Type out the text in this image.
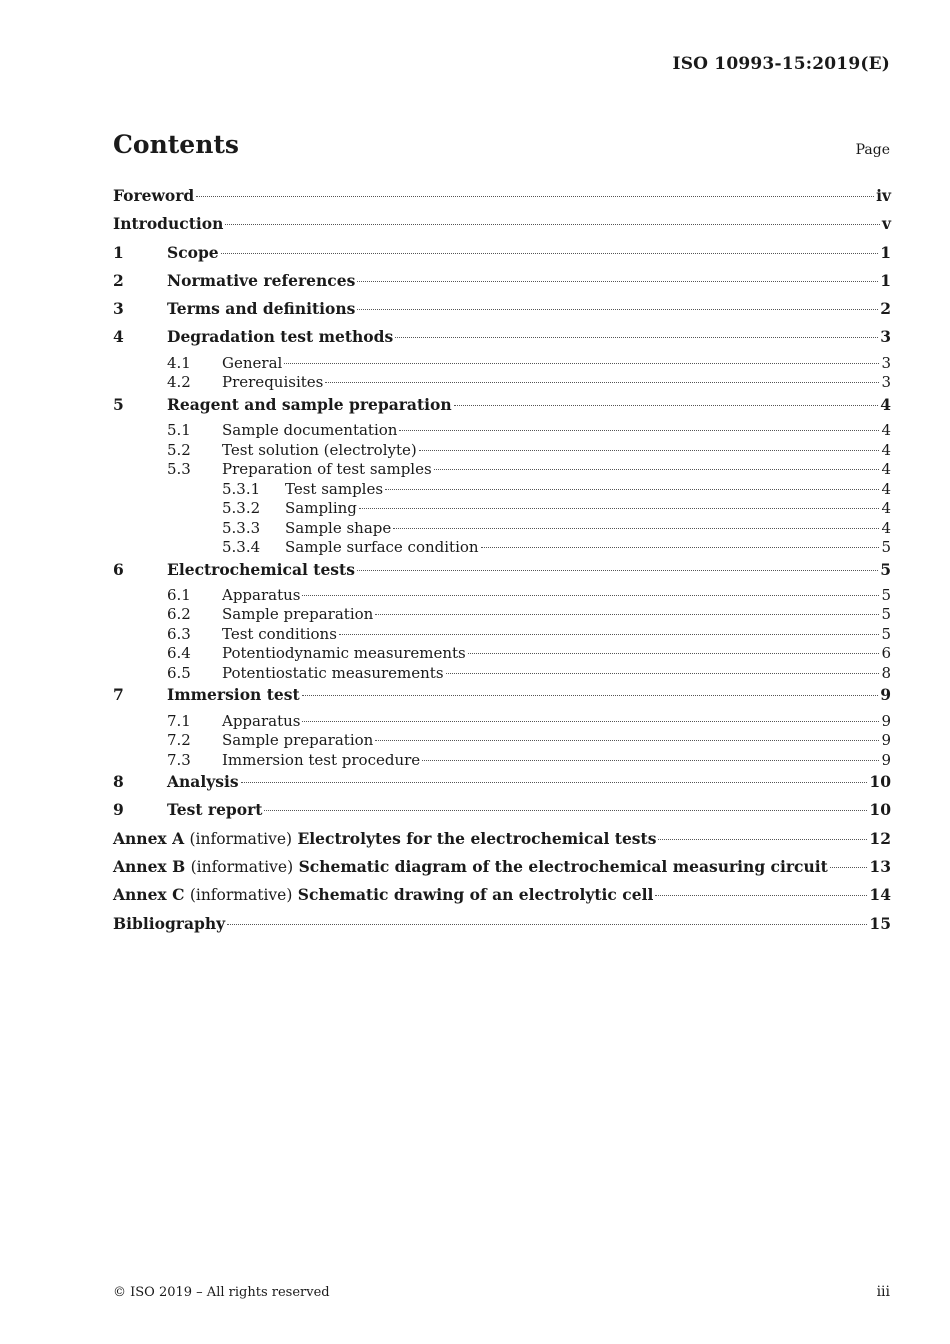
ISO 10993-15:2019(E)
Contents	Page
Foreword	iv
Introduction	v
1	Scope	1
2	Normative references	1
3	Terms and definitions	2
4	Degradation test methods	3
4.1	General	3
4.2	Prerequisites	3
5	Reagent and sample preparation	4
5.1	Sample documentation	4
5.2	Test solution (electrolyte)	4
5.3	Preparation of test samples	4
5.3.1	Test samples	4
5.3.2	Sampling	4
5.3.3	Sample shape	4
5.3.4	Sample surface condition	5
6	Electrochemical tests	5
6.1	Apparatus	5
6.2	Sample preparation	5
6.3	Test conditions	5
6.4	Potentiodynamic measurements	6
6.5	Potentiostatic measurements	8
7	Immersion test	9
7.1	Apparatus	9
7.2	Sample preparation	9
7.3	Immersion test procedure	9
8	Analysis	10
9	Test report	10
Annex A (informative) Electrolytes for the electrochemical tests	12
Annex B (informative) Schematic diagram of the electrochemical measuring circuit	13
Annex C (informative) Schematic drawing of an electrolytic cell	14
Bibliography	15
© ISO 2019 – All rights reserved	iii
